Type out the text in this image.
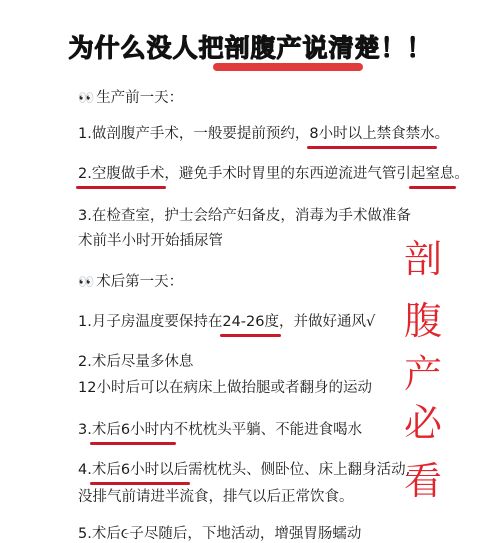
为什么没人把剖腹产说清楚！！
👀 生产前一天：
1.做剖腹产手术，一般要提前预约，8小时以上禁食禁水。
2.空腹做手术，避免手术时胃里的东西逆流进气管引起窒息。
3.在检查室，护士会给产妇备皮，消毒为手术做准备
术前半小时开始插尿管
👀 术后第一天：
1.月子房温度要保持在24-26度，并做好通风√
2.术后尽量多休息
12小时后可以在病床上做抬腿或者翻身的运动
3.术后6小时内不枕枕头平躺、不能进食喝水
4.术后6小时以后需枕枕头、侧卧位、床上翻身活动,
没排气前请进半流食，排气以后正常饮食。
5.术后૯子尽随后，下地活动，增强胃肠蠕动
剖
腹
产
必
看
